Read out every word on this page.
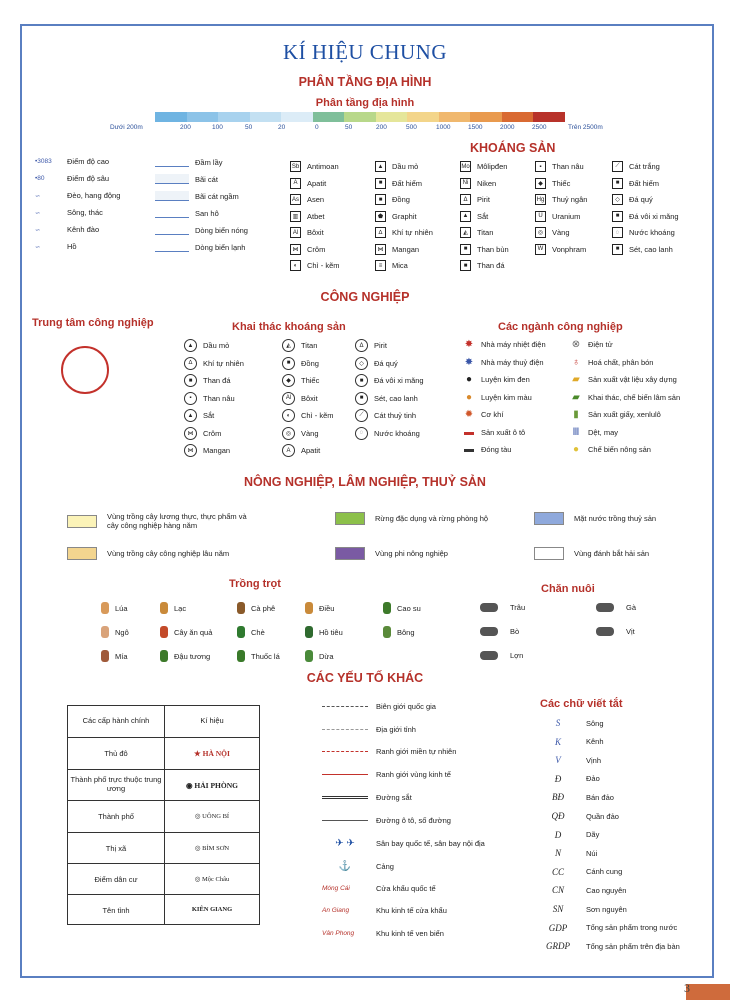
KÍ HIỆU CHUNG
PHÂN TẦNG ĐỊA HÌNH
Phân tầng địa hình
Dưới 200m	200	100	50	20	0	50	200	500	1000	1500	2000	2500	Trên 2500m
•3083	Điểm độ cao
•80	Điểm độ sâu
∽	Đèo, hang động
∽	Sông, thác
∽	Kênh đào
∽	Hồ
Đầm lầy
Bãi cát
Bãi cát ngầm
San hô
Dòng biển nóng
Dòng biển lạnh
KHOÁNG SẢN
Sb Antimoan
A	Apatit
As Asen
▥	Atbet
Al	Bôxit
⋈	Crôm
◐	Chì - kẽm
▲	Dầu mỏ
■	Đất hiếm
■	Đồng
⬟	Graphit
∆	Khí tự nhiên
⋈	Mangan
≡	Mica
Mo Môlipđen
Ni	Niken
Δ	Pirit
▲	Sắt
◭	Titan
■	Than bùn
■	Than đá
▪	Than nâu
◆	Thiếc
Hg Thuỷ ngân
U	Uranium
◎	Vàng
W	Vonphram
⟋	Cát trắng
■	Đất hiếm
◇	Đá quý
■	Đá vôi xi măng
◌	Nước khoáng
■	Sét, cao lanh
CÔNG NGHIỆP
Trung tâm công nghiệp	Khai thác khoáng sản
▲	Dầu mỏ
∆	Khí tự nhiên
■	Than đá
▪	Than nâu
▲	Sắt
⋈	Crôm
⋈	Mangan
◭	Titan
■	Đồng
◆	Thiếc
Al	Bôxit
◐	Chì - kẽm
◎	Vàng
A	Apatit
Δ	Pirit
◇	Đá quý
■	Đá vôi xi măng
■	Sét, cao lanh
⟋	Cát thuỷ tinh
◌	Nước khoáng
Các ngành công nghiệp
✸ Nhà máy nhiệt điện
✸ Nhà máy thuỷ điện
●	Luyện kim đen
●	Luyện kim màu
✹ Cơ khí
▬ Sản xuất ô tô
▬ Đóng tàu
⊗ Điện tử
♁	Hoá chất, phân bón
▰ Sản xuất vật liệu xây dựng
▰ Khai thác, chế biến lâm sản
▮	Sản xuất giấy, xenlulô
Ⅲ	Dệt, may
●	Chế biến nông sản
NÔNG NGHIỆP, LÂM NGHIỆP, THUỶ SẢN
Vùng trồng cây lương thực, thực phẩm và cây công nghiệp hàng năm
Vùng trồng cây công nghiệp lâu năm
Rừng đặc dụng và rừng phòng hộ
Vùng phi nông nghiệp
Mặt nước trồng thuỷ sản
Vùng đánh bắt hải sản
Trồng trọt
Lúa
Ngô
Mía
Lạc
Cây ăn quả
Đậu tương
Cà phê
Chè
Thuốc lá
Điều
Hồ tiêu
Dừa
Cao su
Bông
Chăn nuôi
Trâu
Bò
Lợn
Gà
Vịt
CÁC YẾU TỐ KHÁC
Các cấp hành chính	Kí hiệu
Thủ đô	★ HÀ NỘI
Thành phố trực thuộc trung ương	◉ HẢI PHÒNG
Thành phố	◎ UÔNG BÍ
Thị xã	◎ BỈM SƠN
Điểm dân cư	◎ Mộc Châu
Tên tỉnh	KIÊN GIANG
Biên giới quốc gia
Địa giới tỉnh
Ranh giới miền tự nhiên
Ranh giới vùng kinh tế
Đường sắt
Đường ô tô, số đường
✈ ✈	Sân bay quốc tế, sân bay nội địa
⚓	Cảng
Móng Cái	Cửa khẩu quốc tế
An Giang	Khu kinh tế cửa khẩu
Vân Phong	Khu kinh tế ven biển
Các chữ viết tắt
S	Sông
K	Kênh
V	Vịnh
Đ	Đảo
BĐ	Bán đảo
QĐ	Quần đảo
D	Dãy
N	Núi
CC	Cánh cung
CN	Cao nguyên
SN	Sơn nguyên
GDP	Tổng sản phẩm trong nước
GRDP	Tổng sản phẩm trên địa bàn
3
